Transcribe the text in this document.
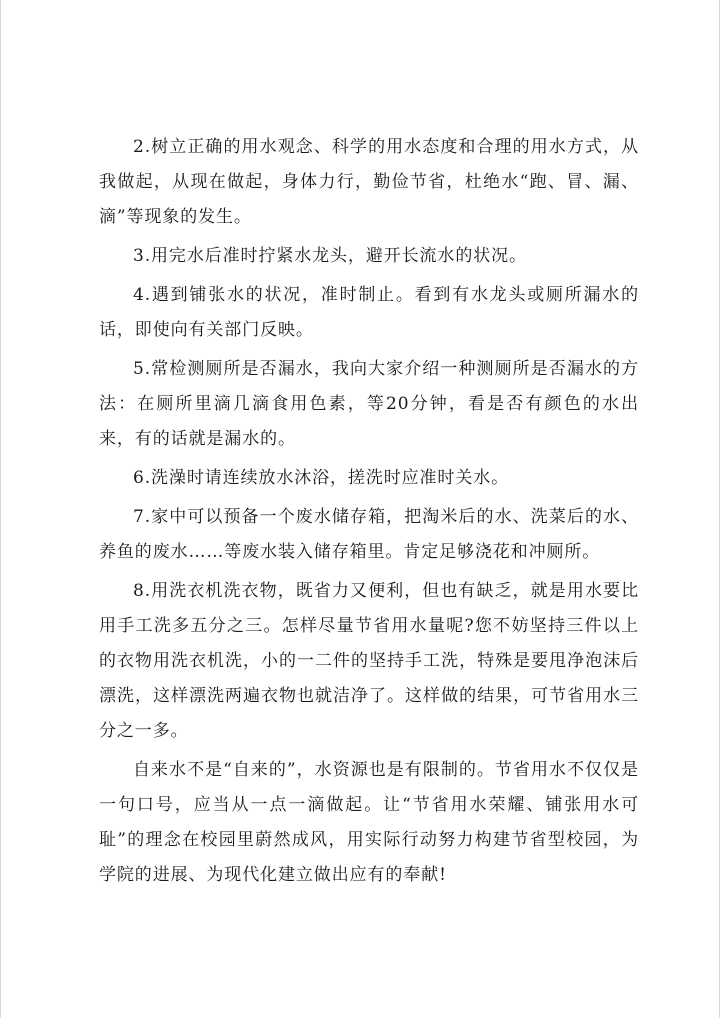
2.树立正确的用水观念、科学的用水态度和合理的用水方式，从我做起，从现在做起，身体力行，勤俭节省，杜绝水“跑、冒、漏、滴”等现象的发生。

3.用完水后准时拧紧水龙头，避开长流水的状况。

4.遇到铺张水的状况，准时制止。看到有水龙头或厕所漏水的话，即使向有关部门反映。

5.常检测厕所是否漏水，我向大家介绍一种测厕所是否漏水的方法：在厕所里滴几滴食用色素，等20分钟，看是否有颜色的水出来，有的话就是漏水的。

6.洗澡时请连续放水沐浴，搓洗时应准时关水。

7.家中可以预备一个废水储存箱，把淘米后的水、洗菜后的水、养鱼的废水……等废水装入储存箱里。肯定足够浇花和冲厕所。

8.用洗衣机洗衣物，既省力又便利，但也有缺乏，就是用水要比用手工洗多五分之三。怎样尽量节省用水量呢?您不妨坚持三件以上的衣物用洗衣机洗，小的一二件的坚持手工洗，特殊是要甩净泡沫后漂洗，这样漂洗两遍衣物也就洁净了。这样做的结果，可节省用水三分之一多。

自来水不是“自来的”，水资源也是有限制的。节省用水不仅仅是一句口号，应当从一点一滴做起。让“节省用水荣耀、铺张用水可耻”的理念在校园里蔚然成风，用实际行动努力构建节省型校园，为学院的进展、为现代化建立做出应有的奉献!
